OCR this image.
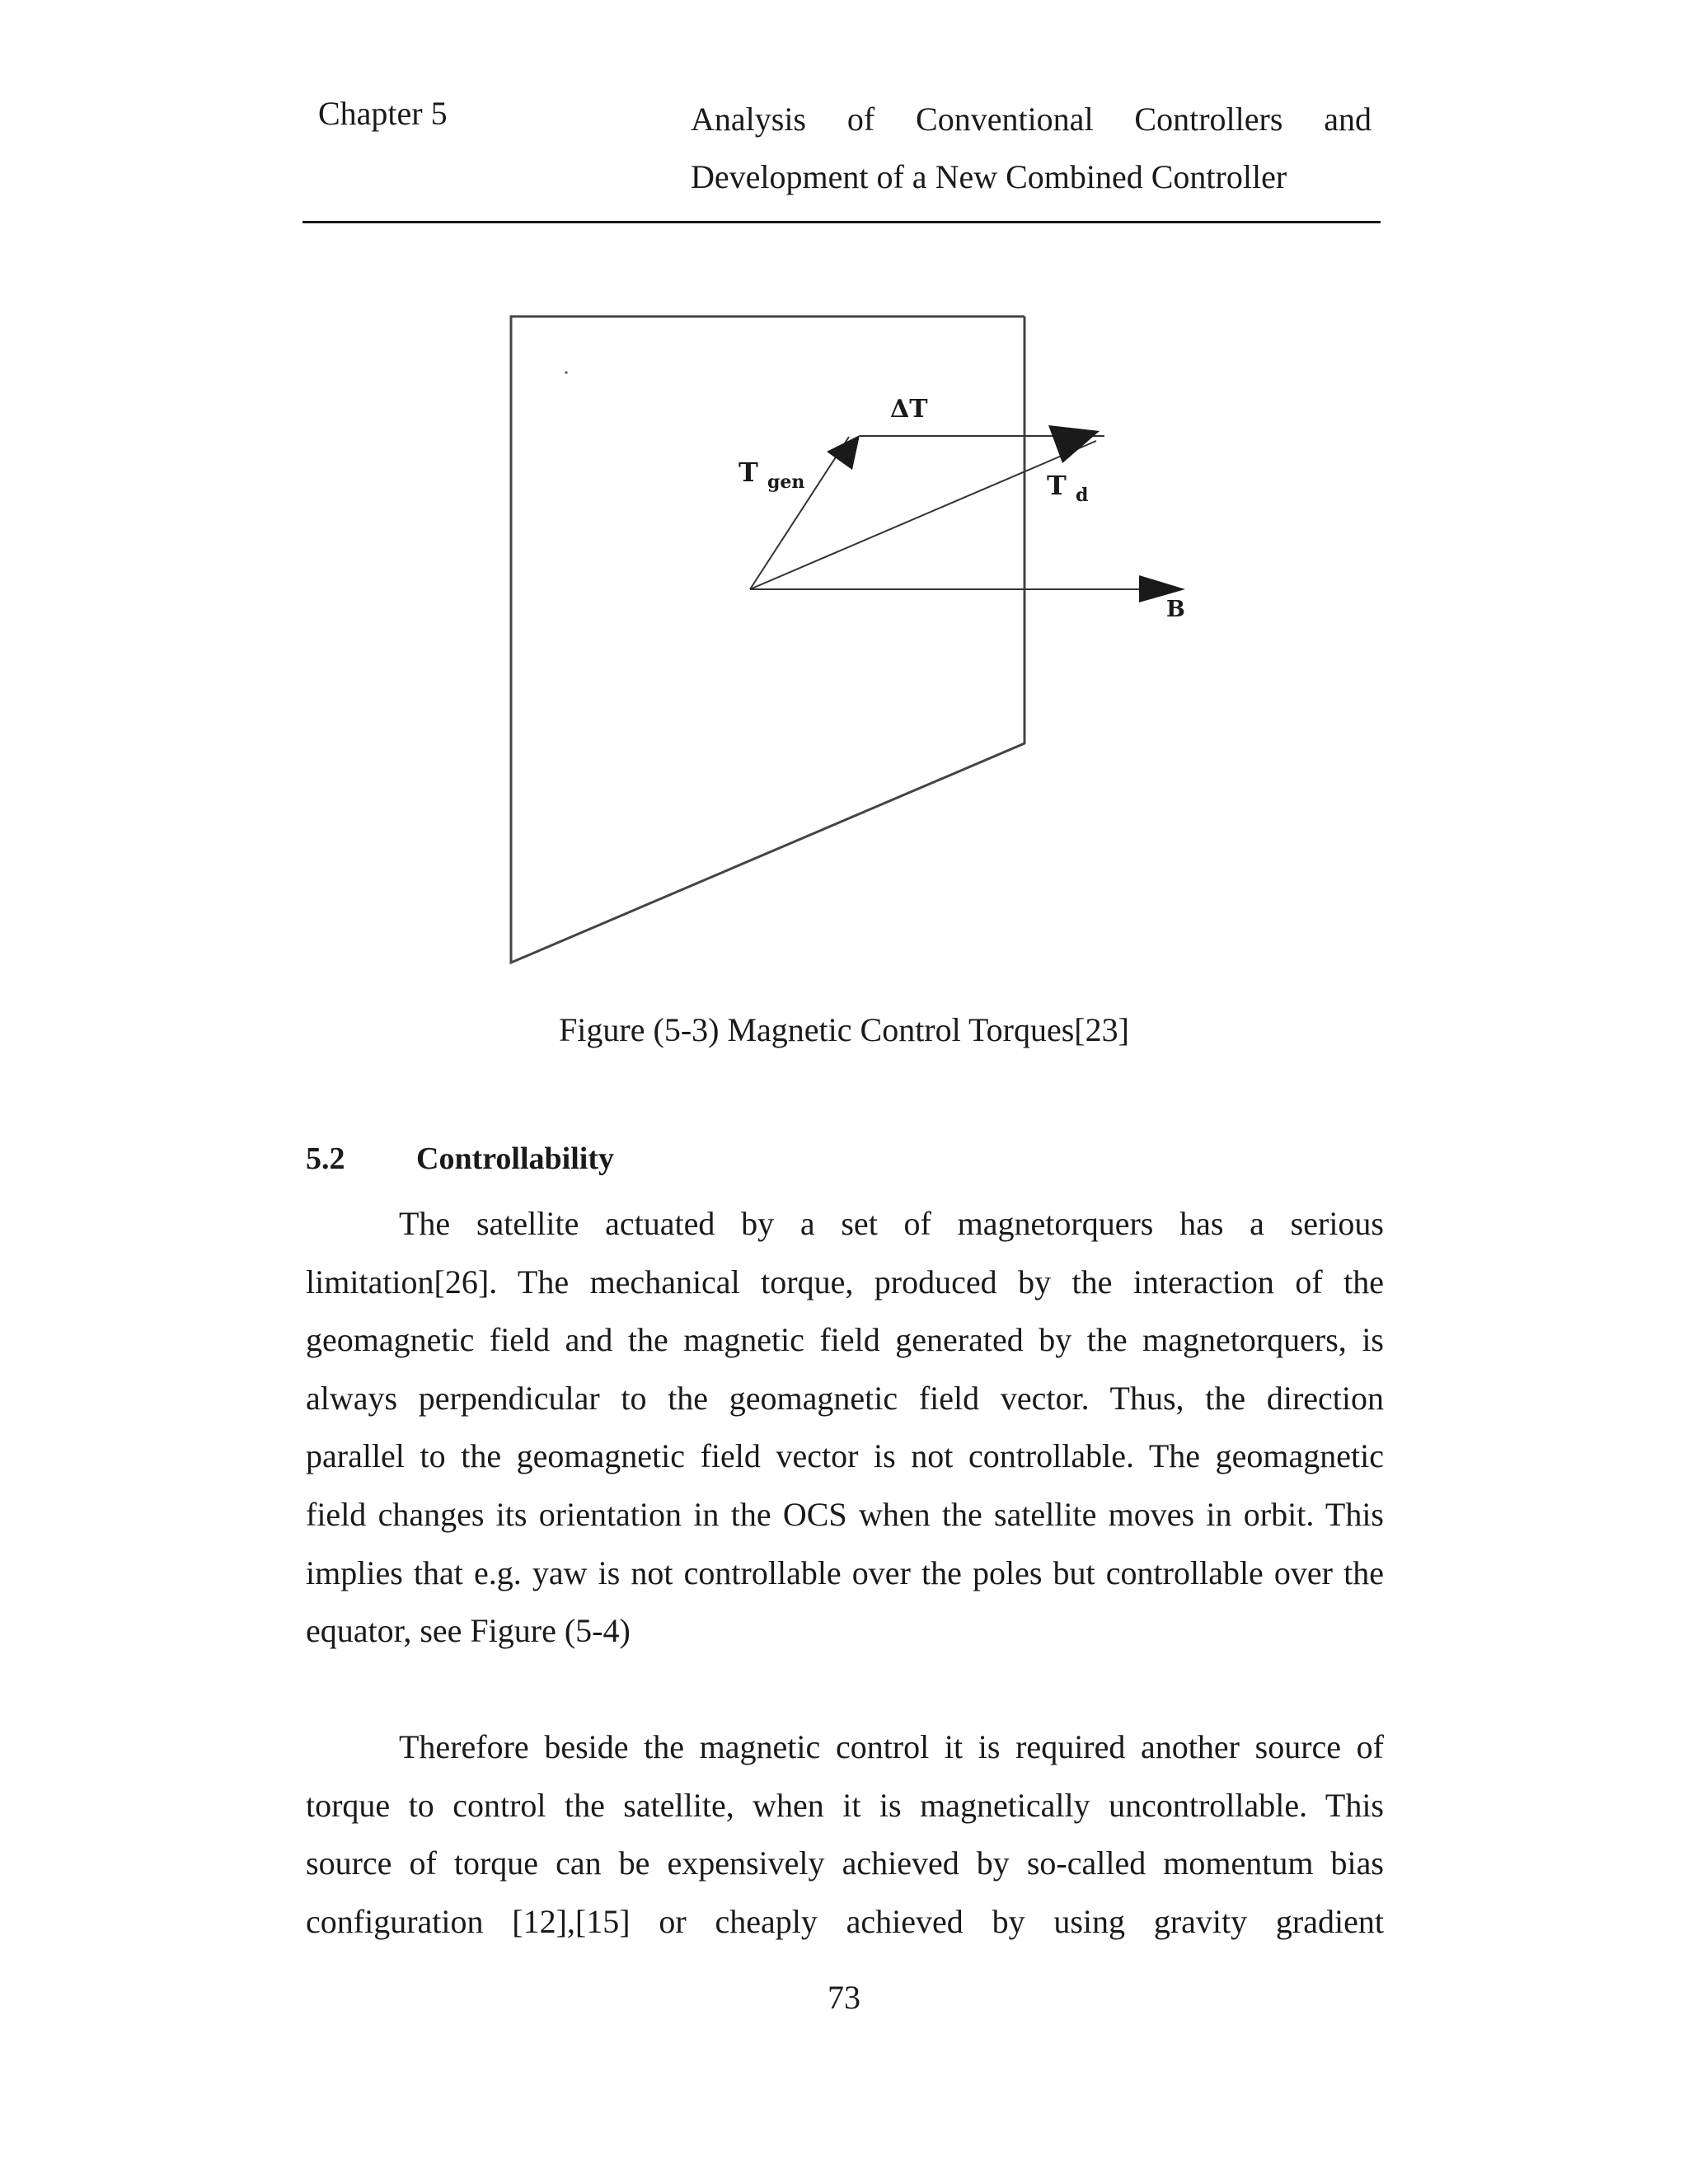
Chapter 5	Analysis of Conventional Controllers and
Development of a New Combined Controller

ΔT
T $_{gen}$	T $_d$
B

Figure (5-3) Magnetic Control Torques[23]

5.2 Controllability

The satellite actuated by a set of magnetorquers has a serious
limitation[26]. The mechanical torque, produced by the interaction of the
geomagnetic field and the magnetic field generated by the magnetorquers, is
always perpendicular to the geomagnetic field vector. Thus, the direction
parallel to the geomagnetic field vector is not controllable. The geomagnetic
field changes its orientation in the OCS when the satellite moves in orbit. This
implies that e.g. yaw is not controllable over the poles but controllable over the
equator, see Figure (5-4)
Therefore beside the magnetic control it is required another source of
torque to control the satellite, when it is magnetically uncontrollable. This
source of torque can be expensively achieved by so-called momentum bias
configuration [12],[15] or cheaply achieved by using gravity gradient

73
